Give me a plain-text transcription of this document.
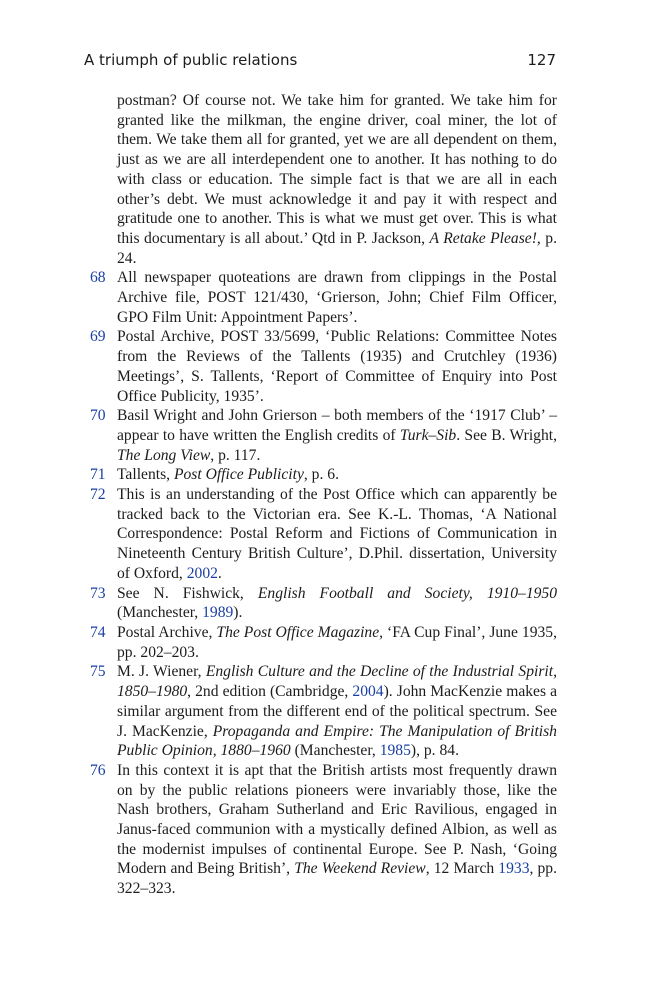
A triumph of public relations	127
postman? Of course not. We take him for granted. We take him for granted like the milkman, the engine driver, coal miner, the lot of them. We take them all for granted, yet we are all dependent on them, just as we are all interdependent one to another. It has nothing to do with class or education. The simple fact is that we are all in each other’s debt. We must acknowledge it and pay it with respect and gratitude one to another. This is what we must get over. This is what this documentary is all about.’ Qtd in P. Jackson, A Retake Please!, p. 24.
68 All newspaper quoteations are drawn from clippings in the Postal Archive file, POST 121/430, ‘Grierson, John; Chief Film Officer, GPO Film Unit: Appointment Papers’.
69 Postal Archive, POST 33/5699, ‘Public Relations: Committee Notes from the Reviews of the Tallents (1935) and Crutchley (1936) Meetings’, S. Tallents, ‘Report of Committee of Enquiry into Post Office Publicity, 1935’.
70 Basil Wright and John Grierson – both members of the ‘1917 Club’ – appear to have written the English credits of Turk–Sib. See B. Wright, The Long View, p. 117.
71 Tallents, Post Office Publicity, p. 6.
72 This is an understanding of the Post Office which can apparently be tracked back to the Victorian era. See K.-L. Thomas, ‘A National Correspondence: Postal Reform and Fictions of Communication in Nineteenth Century British Culture’, D.Phil. dissertation, University of Oxford, 2002.
73 See N. Fishwick, English Football and Society, 1910–1950 (Manchester, 1989).
74 Postal Archive, The Post Office Magazine, ‘FA Cup Final’, June 1935, pp. 202–203.
75 M. J. Wiener, English Culture and the Decline of the Industrial Spirit, 1850–1980, 2nd edition (Cambridge, 2004). John MacKenzie makes a similar argument from the different end of the political spectrum. See J. MacKenzie, Propaganda and Empire: The Manipulation of British Public Opinion, 1880–1960 (Manchester, 1985), p. 84.
76 In this context it is apt that the British artists most frequently drawn on by the public relations pioneers were invariably those, like the Nash brothers, Graham Sutherland and Eric Ravilious, engaged in Janus-faced communion with a mystically defined Albion, as well as the modernist impulses of continental Europe. See P. Nash, ‘Going Modern and Being British’, The Weekend Review, 12 March 1933, pp. 322–323.
